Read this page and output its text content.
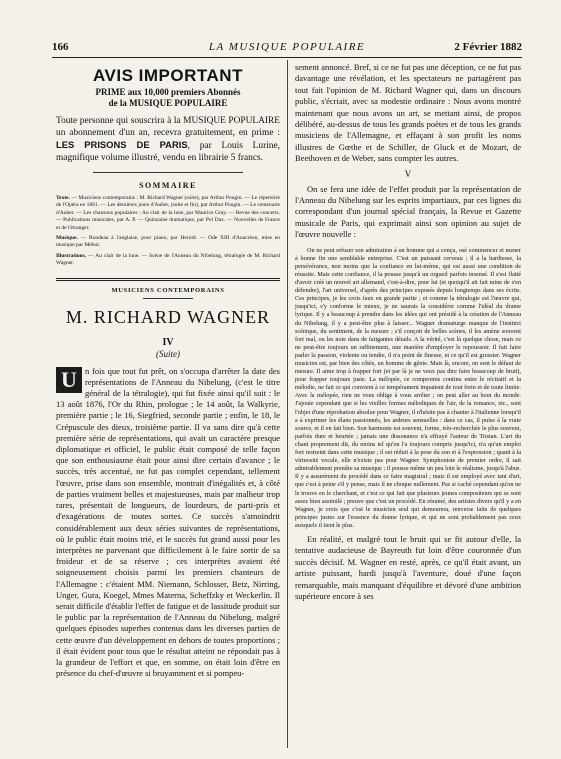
166	LA MUSIQUE POPULAIRE	2 Février 1882
AVIS IMPORTANT
PRIME aux 10,000 premiers Abonnés
de la MUSIQUE POPULAIRE
Toute personne qui souscrira à la MUSIQUE POPULAIRE un abonnement d'un an, recevra gratuitement, en prime : LES PRISONS DE PARIS, par Louis Lurine, magnifique volume illustré, vendu en librairie 5 francs.
SOMMAIRE
Texte. — Musiciens contemporains : M. Richard Wagner (suite), par Arthur Pougin. — Le répertoire de l'Opéra en 1881. — Les dernières jours d'Auber, (suite et fin), par Arthur Pougin. — Le centenaire d'Auber. — Les chansons populaires : Au clair de la lune, par Maurice Gray. — Revue des concerts. — Publications musicales, par A. P. — Quinzaine dramatique, par Pol Dax. — Nouvelles de France et de l'étranger.
Musique. — Rondeau à l'anglaise, pour piano, par Herold. — Ode XIII d'Anacréon, mise en musique par Méhul.
Illustrations. — Au clair de la lune. — Scène de l'Anneau du Nibelung, tétralogie de M. Richard Wagner.
MUSICIENS CONTEMPORAINS
M. RICHARD WAGNER
IV
(Suite)
U n fois que tout fut prêt, on s'occupa d'arrêter la date des représentations de l'Anneau du Nibelung, (c'est le titre général de la tétralogie), qui fut fixée ainsi qu'il suit : le 13 août 1876, l'Or du Rhin, prologue ; le 14 août, la Walkyrie, première partie ; le 16, Siegfried, seconde partie ; enfin, le 18, le Crépuscule des dieux, troisième partie. Il va sans dire qu'à cette première série de représentations, qui avait un caractère presque diplomatique et officiel, le public était composé de telle façon que son enthousiasme était pour ainsi dire certain d'avance ; le succès, très accentué, ne fut pas complet cependant, tellement l'œuvre, prise dans son ensemble, montrait d'inégalités et, à côté de parties vraiment belles et majestueuses, mais par malheur trop rares, présentait de longueurs, de lourdeurs, de parti-pris et d'exagérations de toutes sortes. Ce succès s'amoindrit considérablement aux deux séries suivantes de représentations, où le public était moins trié, et le succès fut grand aussi pour les interprètes ne parvenant que difficilement à le faire sortir de sa froideur et de sa réserve ; ces interprètes avaient été soigneusement choisis parmi les premiers chanteurs de l'Allemagne : c'étaient MM. Niemann, Schlosser, Betz, Nirring, Unger, Gura, Koegel, Mmes Materna, Scheffzky et Weckerlin. Il serait difficile d'établir l'effet de fatigue et de lassitude produit sur le public par la représentation de l'Anneau du Nibelung, malgré quelques épisodes superbes contenus dans les diverses parties de cette œuvre d'un développement en dehors de toutes proportions ; il était évident pour tous que le résultat atteint ne répondait pas à la grandeur de l'effort et que, en somme, on était loin d'être en présence du chef-d'œuvre si bruyamment et si pompeu-
sement annoncé. Bref, si ce ne fut pas une déception, ce ne fut pas davantage une révélation, et les spectateurs ne partagèrent pas tout fait l'opinion de M. Richard Wagner qui, dans un discours public, s'écriait, avec sa modestie ordinaire : Nous avons montré maintenant que nous avons un art, se mettant ainsi, de propos délibéré, au-dessus de tous les grands poètes et de tous les grands musiciens de l'Allemagne, et effaçant à son profit les noms illustres de Gœthe et de Schiller, de Gluck et de Mozart, de Beethoven et de Weber, sans compter les autres.
V
On se fera une idée de l'effet produit par la représentation de l'Anneau du Nibelung sur les esprits impartiaux, par ces lignes du correspondant d'un journal spécial français, la Revue et Gazette musicale de Paris, qui exprimait ainsi son opinion au sujet de l'œuvre nouvelle :
On ne peut refuser son admiration à un homme qui a conçu, osé commencer et mener à bonne fin une semblable entreprise. C'est un puissant cerveau ; il a la hardiesse, la persévérance, non moins que la confiance en lui-même, qui est aussi une condition de réussite. Mais cette confiance, il la pousse jusqu'à un orgueil parfois insensé. Il s'est flatté d'avoir créé un nouvel art allemand, c'est-à-dire, pour lui (et quoiqu'il ait fait mine de s'en défendre), l'art universel, d'après des principes exposés depuis longtemps dans ses écrits. Ces principes, je les crois faux en grande partie ; et comme la tétralogie est l'œuvre qui, jusqu'ici, s'y conforme le mieux, je ne saurais la considérer comme l'idéal du drame lyrique. Il y a beaucoup à prendre dans les idées qui ont présidé à la création de l'Anneau du Nibelung, il y a peut-être plus à laisser... Wagner dramaturge manque de l'instinct scénique, du sentiment, de la mesure ; s'il conçoit de belles scènes, il les amène souvent fort mal, ou les noie dans de fatigantes détails. A la vérité, c'est là quelque chose, mais ce ne peut-être toujours un raffinement, une manière d'employer le repoussoir. Il fait faire parler la passion, violente ou tendre, il n'a point de finesse, et ce qu'il est grossier. Wagner musicien est, par bien des côtés, un homme de génie. Mais là, encore, on sent le défaut de mesure. Il aime trop à frapper fort (et par là je ne veux pas dire faire beaucoup de bruit), pour frapper toujours juste. La mélopée, ce compromis continu entre le récitatif et la mélodie, ne fait ce qui convient à ce tempérament impatient de tout frein et de toute limite. Avec la mélopée, rien ne vous oblige à vous arrêter ; on peut aller au bout du monde. J'ajoute cependant que si les vieilles formes mélodiques de l'air, de la romance, etc., sont l'objet d'une réprobation absolue pour Wagner, il n'hésite pas à chanter à l'italienne lorsqu'il a à exprimer les élans passionnés, les ardeurs sensuelles : dans ce cas, il puise à la vraie source, et il en fait bien. Son harmonie est souvent, forme, très-recherchée le plus souvent, parfois dure et heurtée ; jamais une dissonance n'a effrayé l'auteur de Tristan. L'art du chant proprement dit, du moins tel qu'on l'a toujours compris jusqu'ici, n'a qu'un emploi fort restreint dans cette musique ; il est réduit à la pose du son et à l'expression ; quant à la virtuosité vocale, elle n'existe pas pour Wagner. Symphoniste de premier ordre, il sait admirablement prendre sa musique ; il pousse même un peu loin le réalisme, jusqu'à l'abus. Il y a assurément du procédé dans ce faire magistral ; mais il est employé avec tant d'art, que c'est à peine s'il y pense, mais il ne choque nullement. Pas si caché cependant qu'on ne le trouve en le cherchant, et c'est ce qui fait que plusieurs jeunes compositeurs qui se sont assez bien assimilé ; preuve que c'est un procédé. En résumé, des artistes divers qu'il y a en Wagner, je crois que c'est le musicien seul qui demeurera, renverse faite de quelques principes justes sur l'essence du drame lyrique, et qui ne sont probablement pas ceux auxquels il tient le plus.
En réalité, et malgré tout le bruit qui se fit autour d'elle, la tentative audacieuse de Bayreuth fut loin d'être couronnée d'un succès décisif. M. Wagner en resté, après, ce qu'il était avant, un artiste puissant, hardi jusqu'à l'aventure, doué d'une façon remarquable, mais manquant d'équilibre et dévoré d'une ambition supérieure encore à ses
